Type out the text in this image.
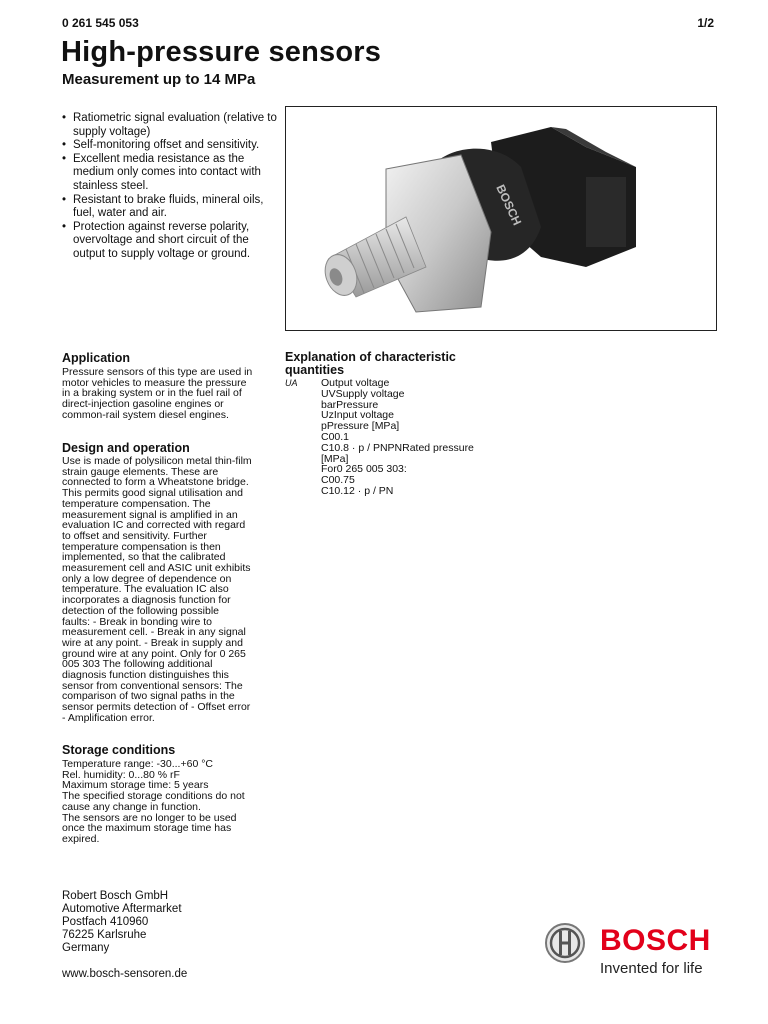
0 261 545 053	1/2
High-pressure sensors
Measurement up to 14 MPa
• Ratiometric signal evaluation (relative to supply voltage)
• Self-monitoring offset and sensitivity.
• Excellent media resistance as the medium only comes into contact with stainless steel.
• Resistant to brake fluids, mineral oils, fuel, water and air.
• Protection against reverse polarity, overvoltage and short circuit of the output to supply voltage or ground.
BOSCH
Application
Pressure sensors of this type are used in
motor vehicles to measure the pressure
in a braking system or in the fuel rail of
direct-injection gasoline engines or
common-rail system diesel engines.
Design and operation
Use is made of polysilicon metal thin-film
strain gauge elements. These are
connected to form a Wheatstone bridge.
This permits good signal utilisation and
temperature compensation. The
measurement signal is amplified in an
evaluation IC and corrected with regard
to offset and sensitivity. Further
temperature compensation is then
implemented, so that the calibrated
measurement cell and ASIC unit exhibits
only a low degree of dependence on
temperature. The evaluation IC also
incorporates a diagnosis function for
detection of the following possible
faults: - Break in bonding wire to
measurement cell. - Break in any signal
wire at any point. - Break in supply and
ground wire at any point. Only for 0 265
005 303 The following additional
diagnosis function distinguishes this
sensor from conventional sensors: The
comparison of two signal paths in the
sensor permits detection of - Offset error
- Amplification error.
Storage conditions
Temperature range: -30...+60 °C
Rel. humidity: 0...80 % rF
Maximum storage time: 5 years
The specified storage conditions do not
cause any change in function.
The sensors are no longer to be used
once the maximum storage time has
expired.
Explanation of characteristic
quantities
UA Output voltage
UVSupply voltage
barPressure
UzInput voltage
pPressure [MPa]
C00.1
C10.8 · p / PNPNRated pressure
[MPa]
For0 265 005 303:
C00.75
C10.12 · p / PN
Robert Bosch GmbH
Automotive Aftermarket
Postfach 410960
76225 Karlsruhe
Germany
www.bosch-sensoren.de
BOSCH
Invented for life
